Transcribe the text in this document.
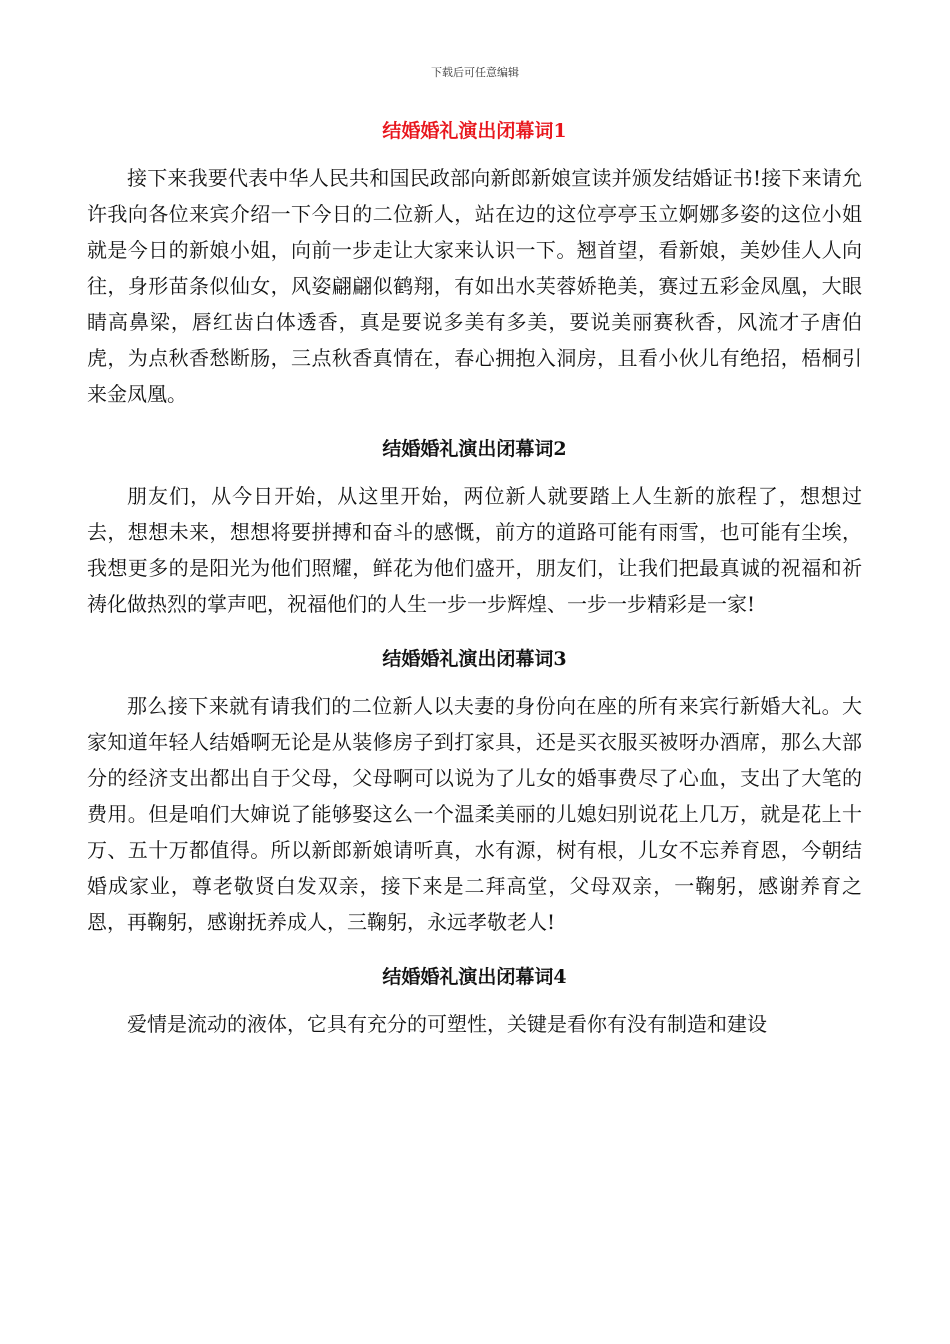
下载后可任意编辑
结婚婚礼演出闭幕词1

接下来我要代表中华人民共和国民政部向新郎新娘宣读并颁发结婚证书!接下来请允许我向各位来宾介绍一下今日的二位新人，站在边的这位亭亭玉立婀娜多姿的这位小姐就是今日的新娘小姐，向前一步走让大家来认识一下。翘首望，看新娘，美妙佳人人向往，身形苗条似仙女，风姿翩翩似鹤翔，有如出水芙蓉娇艳美，赛过五彩金凤凰，大眼睛高鼻梁，唇红齿白体透香，真是要说多美有多美，要说美丽赛秋香，风流才子唐伯虎，为点秋香愁断肠，三点秋香真情在，春心拥抱入洞房，且看小伙儿有绝招，梧桐引来金凤凰。

结婚婚礼演出闭幕词2

朋友们，从今日开始，从这里开始，两位新人就要踏上人生新的旅程了，想想过去，想想未来，想想将要拼搏和奋斗的感慨，前方的道路可能有雨雪，也可能有尘埃，我想更多的是阳光为他们照耀，鲜花为他们盛开，朋友们，让我们把最真诚的祝福和祈祷化做热烈的掌声吧，祝福他们的人生一步一步辉煌、一步一步精彩是一家!

结婚婚礼演出闭幕词3

那么接下来就有请我们的二位新人以夫妻的身份向在座的所有来宾行新婚大礼。大家知道年轻人结婚啊无论是从装修房子到打家具，还是买衣服买被呀办酒席，那么大部分的经济支出都出自于父母，父母啊可以说为了儿女的婚事费尽了心血，支出了大笔的费用。但是咱们大婶说了能够娶这么一个温柔美丽的儿媳妇别说花上几万，就是花上十万、五十万都值得。所以新郎新娘请听真，水有源，树有根，儿女不忘养育恩，今朝结婚成家业，尊老敬贤白发双亲，接下来是二拜高堂，父母双亲，一鞠躬，感谢养育之恩，再鞠躬，感谢抚养成人，三鞠躬，永远孝敬老人!

结婚婚礼演出闭幕词4

爱情是流动的液体，它具有充分的可塑性，关键是看你有没有制造和建设
